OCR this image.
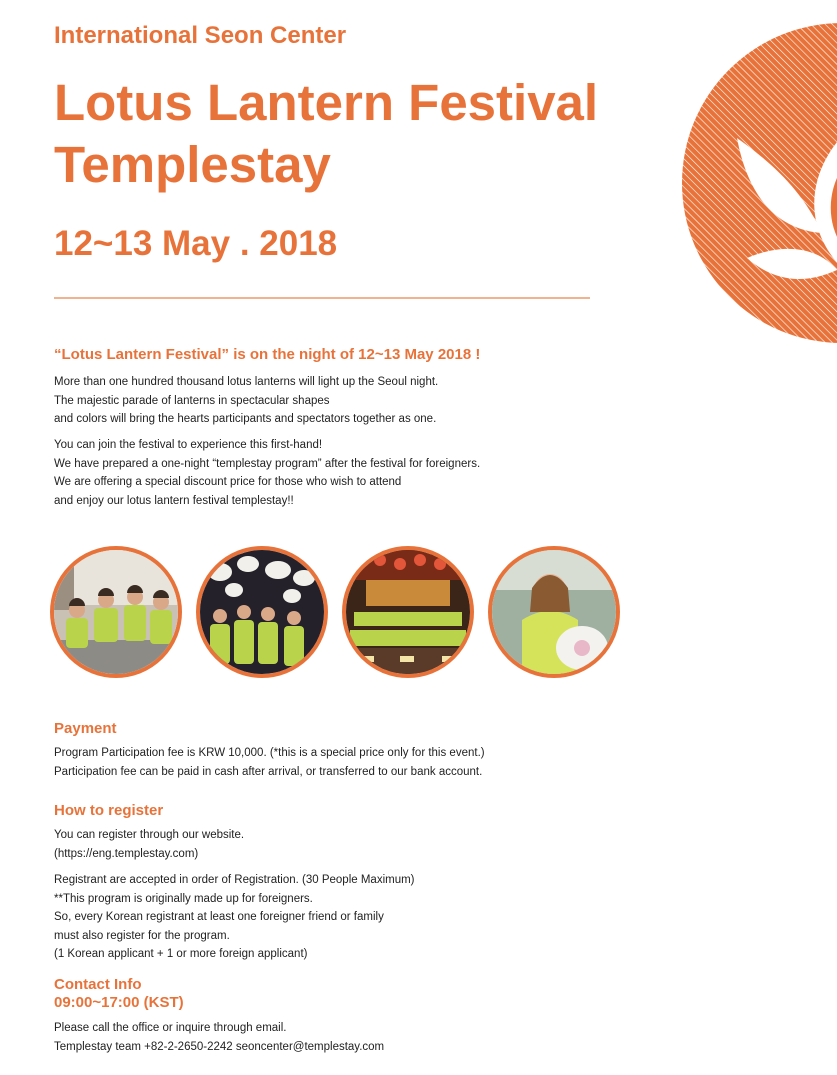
International Seon Center
Lotus Lantern Festival
Templestay
12~13 May . 2018
“Lotus Lantern Festival” is on the night of 12~13 May 2018 !
More than one hundred thousand lotus lanterns will light up the Seoul night.
The majestic parade of lanterns in spectacular shapes
and colors will bring the hearts participants and spectators together as one.
You can join the festival to experience this first-hand!
We have prepared a one-night “templestay program” after the festival for foreigners.
We are offering a special discount price for those who wish to attend
and enjoy our lotus lantern festival templestay!!
Payment
Program Participation fee is KRW 10,000. (*this is a special price only for this event.)
Participation fee can be paid in cash after arrival, or transferred to our bank account.
How to register
You can register through our website.
(https://eng.templestay.com)
Registrant are accepted in order of Registration. (30 People Maximum)
**This program is originally made up for foreigners.
So, every Korean registrant at least one foreigner friend or family
must also register for the program.
(1 Korean applicant + 1 or more foreign applicant)
Contact Info
09:00~17:00 (KST)
Please call the office or inquire through email.
Templestay team +82-2-2650-2242 seoncenter@templestay.com
